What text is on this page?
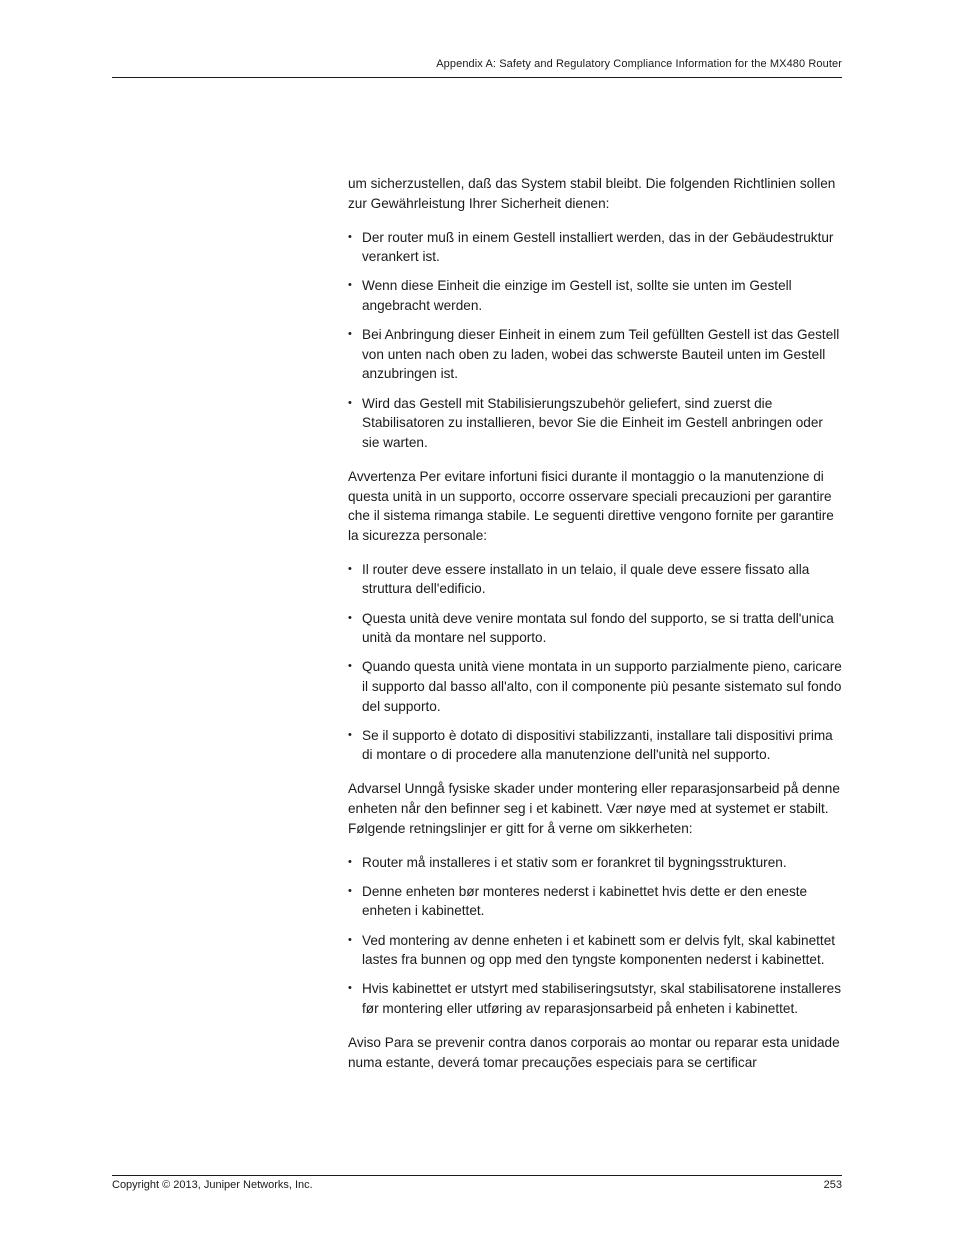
Appendix A: Safety and Regulatory Compliance Information for the MX480 Router

um sicherzustellen, daß das System stabil bleibt. Die folgenden Richtlinien sollen zur Gewährleistung Ihrer Sicherheit dienen:

• Der router muß in einem Gestell installiert werden, das in der Gebäudestruktur verankert ist.
• Wenn diese Einheit die einzige im Gestell ist, sollte sie unten im Gestell angebracht werden.
• Bei Anbringung dieser Einheit in einem zum Teil gefüllten Gestell ist das Gestell von unten nach oben zu laden, wobei das schwerste Bauteil unten im Gestell anzubringen ist.
• Wird das Gestell mit Stabilisierungszubehör geliefert, sind zuerst die Stabilisatoren zu installieren, bevor Sie die Einheit im Gestell anbringen oder sie warten.

Avvertenza Per evitare infortuni fisici durante il montaggio o la manutenzione di questa unità in un supporto, occorre osservare speciali precauzioni per garantire che il sistema rimanga stabile. Le seguenti direttive vengono fornite per garantire la sicurezza personale:

• Il router deve essere installato in un telaio, il quale deve essere fissato alla struttura dell'edificio.
• Questa unità deve venire montata sul fondo del supporto, se si tratta dell'unica unità da montare nel supporto.
• Quando questa unità viene montata in un supporto parzialmente pieno, caricare il supporto dal basso all'alto, con il componente più pesante sistemato sul fondo del supporto.
• Se il supporto è dotato di dispositivi stabilizzanti, installare tali dispositivi prima di montare o di procedere alla manutenzione dell'unità nel supporto.

Advarsel Unngå fysiske skader under montering eller reparasjonsarbeid på denne enheten når den befinner seg i et kabinett. Vær nøye med at systemet er stabilt. Følgende retningslinjer er gitt for å verne om sikkerheten:

• Router må installeres i et stativ som er forankret til bygningsstrukturen.
• Denne enheten bør monteres nederst i kabinettet hvis dette er den eneste enheten i kabinettet.
• Ved montering av denne enheten i et kabinett som er delvis fylt, skal kabinettet lastes fra bunnen og opp med den tyngste komponenten nederst i kabinettet.
• Hvis kabinettet er utstyrt med stabiliseringsutstyr, skal stabilisatorene installeres før montering eller utføring av reparasjonsarbeid på enheten i kabinettet.

Aviso Para se prevenir contra danos corporais ao montar ou reparar esta unidade numa estante, deverá tomar precauções especiais para se certificar

Copyright © 2013, Juniper Networks, Inc.	253
